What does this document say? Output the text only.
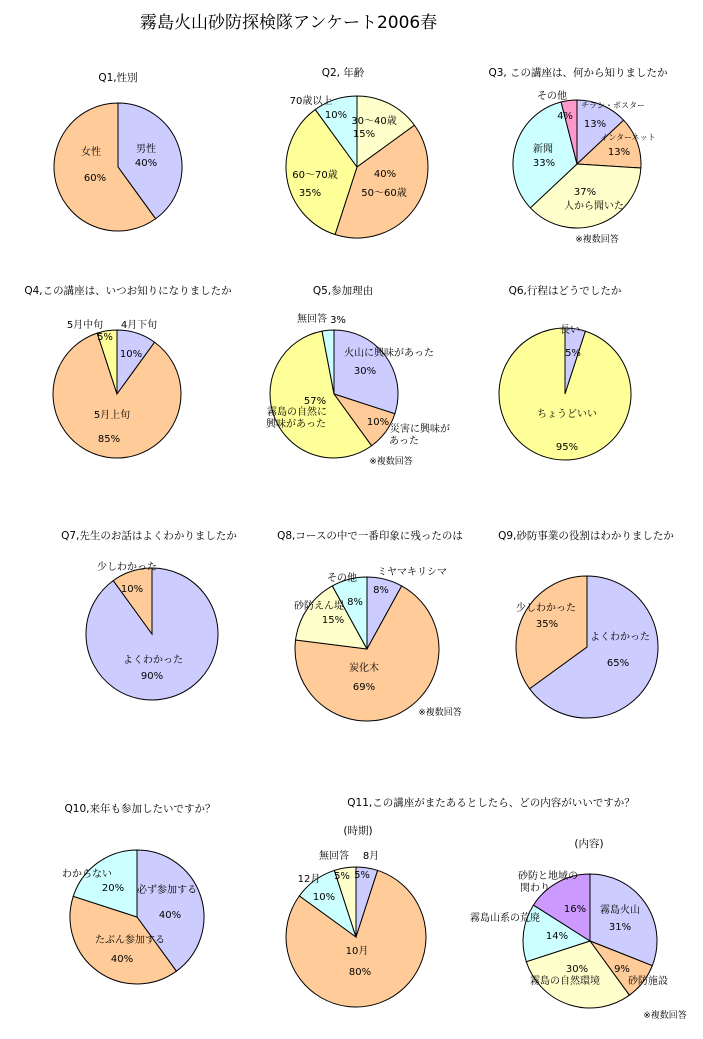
霧島火山砂防探検隊アンケート2006春
Q1,性別
男性
40%
女性
60%
Q2, 年齢
30～40歳
15%
50～60歳
40%
60～70歳
35%
70歳以上
10%
Q3, この講座は、何から知りましたか
※複数回答
チラシ・ポスター
13%
インターネット
13%
人から聞いた
37%
新聞
33%
その他
4%
Q4,この講座は、いつお知りになりましたか
4月下旬
10%
5月上旬
85%
5月中旬
5%
Q5,参加理由
※複数回答
火山に興味があった
30%
災害に興味が
あった
10%
霧島の自然に
興味があった
57%
無回答 3%
Q6,行程はどうでしたか
長い
5%
ちょうどいい
95%
Q7,先生のお話はよくわかりましたか
よくわかった
90%
少しわかった
10%
Q8,コースの中で一番印象に残ったのは
※複数回答
ミヤマキリシマ
8%
炭化木
69%
砂防えん堤
15%
その他
8%
Q9,砂防事業の役割はわかりましたか
よくわかった
65%
少しわかった
35%
Q10,来年も参加したいですか？
必ず参加する
40%
たぶん参加する
40%
わからない
20%
Q11,この講座がまたあるとしたら、どの内容がいいですか？
(時期)
8月
5%
10月
80%
12月
10%
無回答
5%
(内容)
※複数回答
霧島火山
31%
砂防施設
9%
霧島の自然環境
30%
霧島山系の荒廃
14%
砂防と地域の
関わり
16%
